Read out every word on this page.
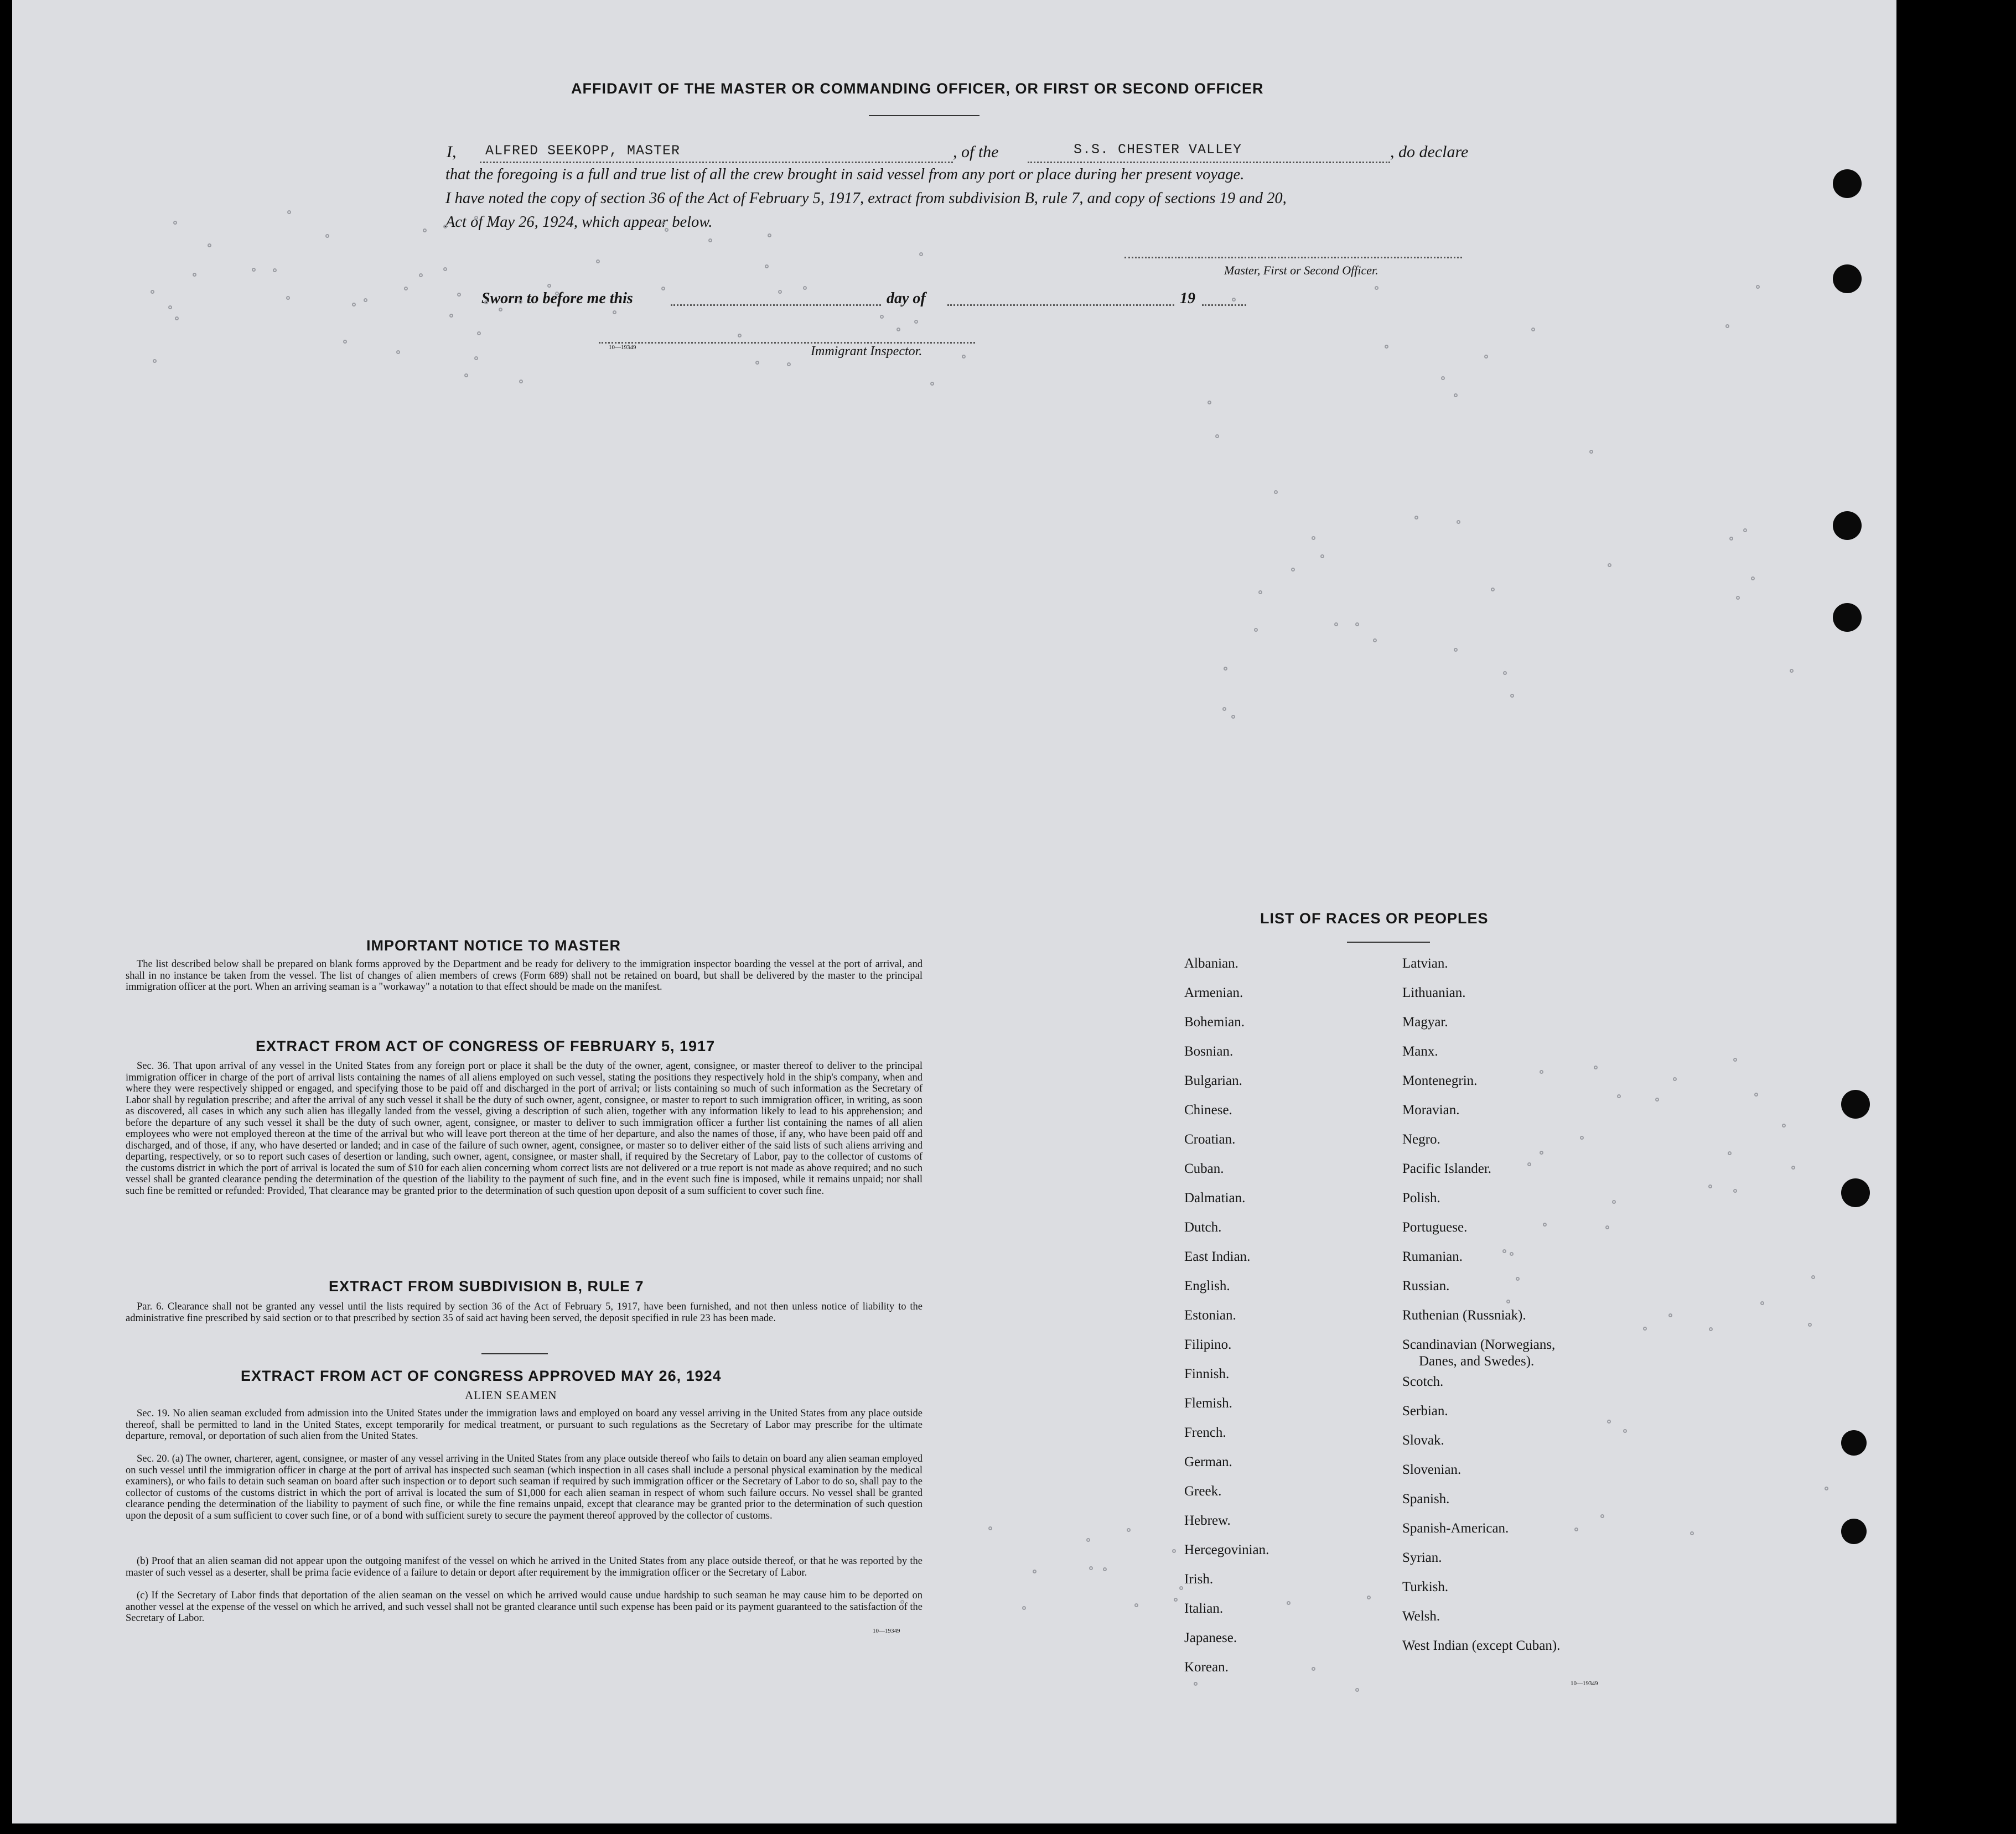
AFFIDAVIT OF THE MASTER OR COMMANDING OFFICER, OR FIRST OR SECOND OFFICER
I, ALFRED SEEKOPP, MASTER	, of the	S.S. CHESTER VALLEY	, do declare
that the foregoing is a full and true list of all the crew brought in said vessel from any port or place during her present voyage.
I have noted the copy of section 36 of the Act of February 5, 1917, extract from subdivision B, rule 7, and copy of sections 19 and 20,
Act of May 26, 1924, which appear below.
Master, First or Second Officer.
Sworn to before me this	day of	19
10—19349	Immigrant Inspector.
IMPORTANT NOTICE TO MASTER
The list described below shall be prepared on blank forms approved by the Department and be ready for delivery to the immigration inspector boarding the vessel at the port of arrival, and shall in no instance be taken from the vessel. The list of changes of alien members of crews (Form 689) shall not be retained on board, but shall be delivered by the master to the principal immigration officer at the port. When an arriving seaman is a "workaway" a notation to that effect should be made on the manifest.
EXTRACT FROM ACT OF CONGRESS OF FEBRUARY 5, 1917
Sec. 36. That upon arrival of any vessel in the United States from any foreign port or place it shall be the duty of the owner, agent, consignee, or master thereof to deliver to the principal immigration officer in charge of the port of arrival lists containing the names of all aliens employed on such vessel, stating the positions they respectively hold in the ship's company, when and where they were respectively shipped or engaged, and specifying those to be paid off and discharged in the port of arrival; or lists containing so much of such information as the Secretary of Labor shall by regulation prescribe; and after the arrival of any such vessel it shall be the duty of such owner, agent, consignee, or master to report to such immigration officer, in writing, as soon as discovered, all cases in which any such alien has illegally landed from the vessel, giving a description of such alien, together with any information likely to lead to his apprehension; and before the departure of any such vessel it shall be the duty of such owner, agent, consignee, or master to deliver to such immigration officer a further list containing the names of all alien employees who were not employed thereon at the time of the arrival but who will leave port thereon at the time of her departure, and also the names of those, if any, who have been paid off and discharged, and of those, if any, who have deserted or landed; and in case of the failure of such owner, agent, consignee, or master so to deliver either of the said lists of such aliens arriving and departing, respectively, or so to report such cases of desertion or landing, such owner, agent, consignee, or master shall, if required by the Secretary of Labor, pay to the collector of customs of the customs district in which the port of arrival is located the sum of $10 for each alien concerning whom correct lists are not delivered or a true report is not made as above required; and no such vessel shall be granted clearance pending the determination of the question of the liability to the payment of such fine, and in the event such fine is imposed, while it remains unpaid; nor shall such fine be remitted or refunded: Provided, That clearance may be granted prior to the determination of such question upon deposit of a sum sufficient to cover such fine.
EXTRACT FROM SUBDIVISION B, RULE 7
Par. 6. Clearance shall not be granted any vessel until the lists required by section 36 of the Act of February 5, 1917, have been furnished, and not then unless notice of liability to the administrative fine prescribed by said section or to that prescribed by section 35 of said act having been served, the deposit specified in rule 23 has been made.
EXTRACT FROM ACT OF CONGRESS APPROVED MAY 26, 1924
ALIEN SEAMEN
Sec. 19. No alien seaman excluded from admission into the United States under the immigration laws and employed on board any vessel arriving in the United States from any place outside thereof, shall be permitted to land in the United States, except temporarily for medical treatment, or pursuant to such regulations as the Secretary of Labor may prescribe for the ultimate departure, removal, or deportation of such alien from the United States.
Sec. 20. (a) The owner, charterer, agent, consignee, or master of any vessel arriving in the United States from any place outside thereof who fails to detain on board any alien seaman employed on such vessel until the immigration officer in charge at the port of arrival has inspected such seaman (which inspection in all cases shall include a personal physical examination by the medical examiners), or who fails to detain such seaman on board after such inspection or to deport such seaman if required by such immigration officer or the Secretary of Labor to do so, shall pay to the collector of customs of the customs district in which the port of arrival is located the sum of $1,000 for each alien seaman in respect of whom such failure occurs. No vessel shall be granted clearance pending the determination of the liability to payment of such fine, or while the fine remains unpaid, except that clearance may be granted prior to the determination of such question upon the deposit of a sum sufficient to cover such fine, or of a bond with sufficient surety to secure the payment thereof approved by the collector of customs.
(b) Proof that an alien seaman did not appear upon the outgoing manifest of the vessel on which he arrived in the United States from any place outside thereof, or that he was reported by the master of such vessel as a deserter, shall be prima facie evidence of a failure to detain or deport after requirement by the immigration officer or the Secretary of Labor.
(c) If the Secretary of Labor finds that deportation of the alien seaman on the vessel on which he arrived would cause undue hardship to such seaman he may cause him to be deported on another vessel at the expense of the vessel on which he arrived, and such vessel shall not be granted clearance until such expense has been paid or its payment guaranteed to the satisfaction of the Secretary of Labor.
10—19349
LIST OF RACES OR PEOPLES
10—19349
Albanian.
Armenian.
Bohemian.
Bosnian.
Bulgarian.
Chinese.
Croatian.
Cuban.
Dalmatian.
Dutch.
East Indian.
English.
Estonian.
Filipino.
Finnish.
Flemish.
French.
German.
Greek.
Hebrew.
Hercegovinian.
Irish.
Italian.
Japanese.
Korean.
Latvian.
Lithuanian.
Magyar.
Manx.
Montenegrin.
Moravian.
Negro.
Pacific Islander.
Polish.
Portuguese.
Rumanian.
Russian.
Ruthenian (Russniak).
Scandinavian (Norwegians,
Danes, and Swedes).
Scotch.
Serbian.
Slovak.
Slovenian.
Spanish.
Spanish-American.
Syrian.
Turkish.
Welsh.
West Indian (except Cuban).
